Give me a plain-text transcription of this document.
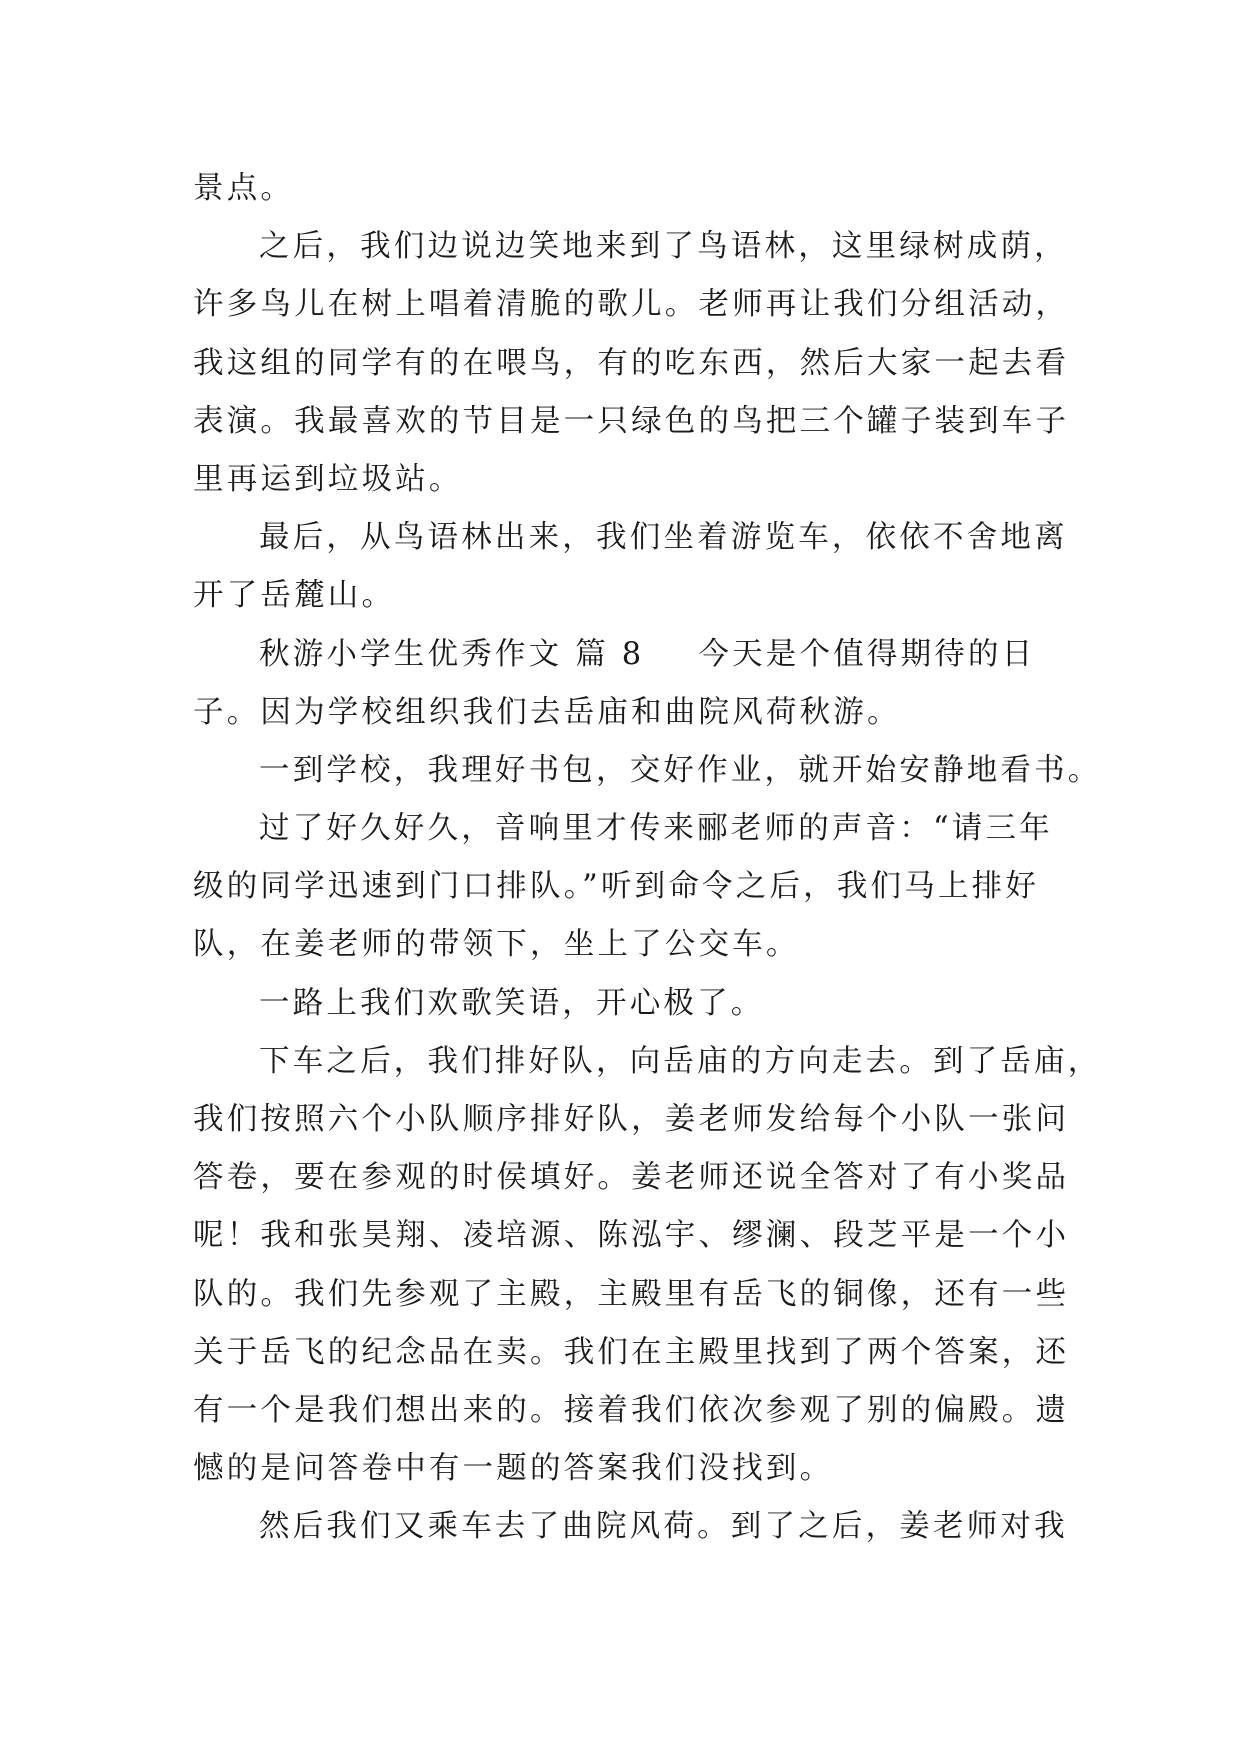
景点。
之后，我们边说边笑地来到了鸟语林，这里绿树成荫，
许多鸟儿在树上唱着清脆的歌儿。老师再让我们分组活动，
我这组的同学有的在喂鸟，有的吃东西，然后大家一起去看
表演。我最喜欢的节目是一只绿色的鸟把三个罐子装到车子
里再运到垃圾站。
最后，从鸟语林出来，我们坐着游览车，依依不舍地离
开了岳麓山。
秋游小学生优秀作文 篇 8 今天是个值得期待的日
子。因为学校组织我们去岳庙和曲院风荷秋游。
一到学校，我理好书包，交好作业，就开始安静地看书。
过了好久好久，音响里才传来郦老师的声音：“请三年
级的同学迅速到门口排队。”听到命令之后，我们马上排好
队，在姜老师的带领下，坐上了公交车。
一路上我们欢歌笑语，开心极了。
下车之后，我们排好队，向岳庙的方向走去。到了岳庙，
我们按照六个小队顺序排好队，姜老师发给每个小队一张问
答卷，要在参观的时侯填好。姜老师还说全答对了有小奖品
呢！我和张昊翔、凌培源、陈泓宇、缪澜、段芝平是一个小
队的。我们先参观了主殿，主殿里有岳飞的铜像，还有一些
关于岳飞的纪念品在卖。我们在主殿里找到了两个答案，还
有一个是我们想出来的。接着我们依次参观了别的偏殿。遗
憾的是问答卷中有一题的答案我们没找到。
然后我们又乘车去了曲院风荷。到了之后，姜老师对我
